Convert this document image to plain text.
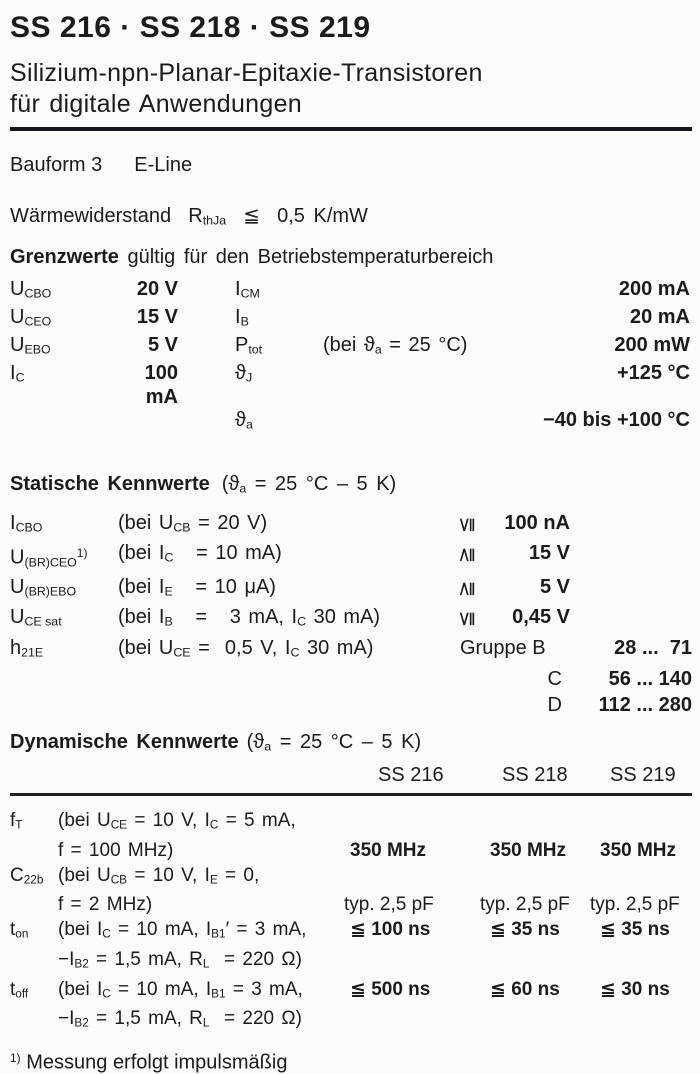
SS 216 · SS 218 · SS 219
Silizium-npn-Planar-Epitaxie-Transistoren
für digitale Anwendungen
Bauform 3 E-Line
Wärmewiderstand  $R_{thJa}$  ≦  0,5 K/mW
Grenzwerte gültig für den Betriebstemperaturbereich
$U_{CBO}$	20 V	$I_{CM}$	200 mA
$U_{CEO}$	15 V	$I_B$	20 mA
$U_{EBO}$	5 V	$P_{tot}$	(bei $ϑ_a = 25$ °C)	200 mW
$I_C$	100 mA
$ϑ_J$	+125 °C
$ϑ_a$	−40 bis +100 °C
Statische Kennwerte ($ϑ_a = 25$ °C – 5 K)
$I_{CBO}$	(bei $U_{CB} = 20$ V)	≦	100 nA
$U_{(BR)CEO}^{1)}$	(bei $I_C = 10$ mA)	≧	15 V
$U_{(BR)EBO}$	(bei $I_E = 10$ μA)	≧	5 V
$U_{CE sat}$	(bei $I_B = 3$ mA, $I_C$ 30 mA)	≦	0,45 V
$h_{21E}$	(bei $U_{CE} = 0,5$ V, $I_C$ 30 mA)	Gruppe B	28 ...  71
C	56 ... 140
D	112 ... 280
Dynamische Kennwerte ($ϑ_a = 25$ °C – 5 K)
SS 216	SS 218	SS 219
$f_T$	(bei $U_{CE} = 10$ V, $I_C = 5$ mA,
f = 100 MHz)	350 MHz	350 MHz	350 MHz
$C_{22b}$ (bei $U_{CB} = 10$ V, $I_E = 0$,
f = 2 MHz)	typ. 2,5 pF	typ. 2,5 pF	typ. 2,5 pF
$t_{on}$	(bei $I_C = 10$ mA, $I_{B1}' = 3$ mA,
$-I_{B2} = 1,5$ mA, $R_L = 220$ Ω)
≦ 100 ns	≦ 35 ns	≦ 35 ns
$t_{off}$	(bei $I_C = 10$ mA, $I_{B1} = 3$ mA,
$-I_{B2} = 1,5$ mA, $R_L = 220$ Ω)
≦ 500 ns	≦ 60 ns	≦ 30 ns
$^{1)}$ Messung erfolgt impulsmäßig
